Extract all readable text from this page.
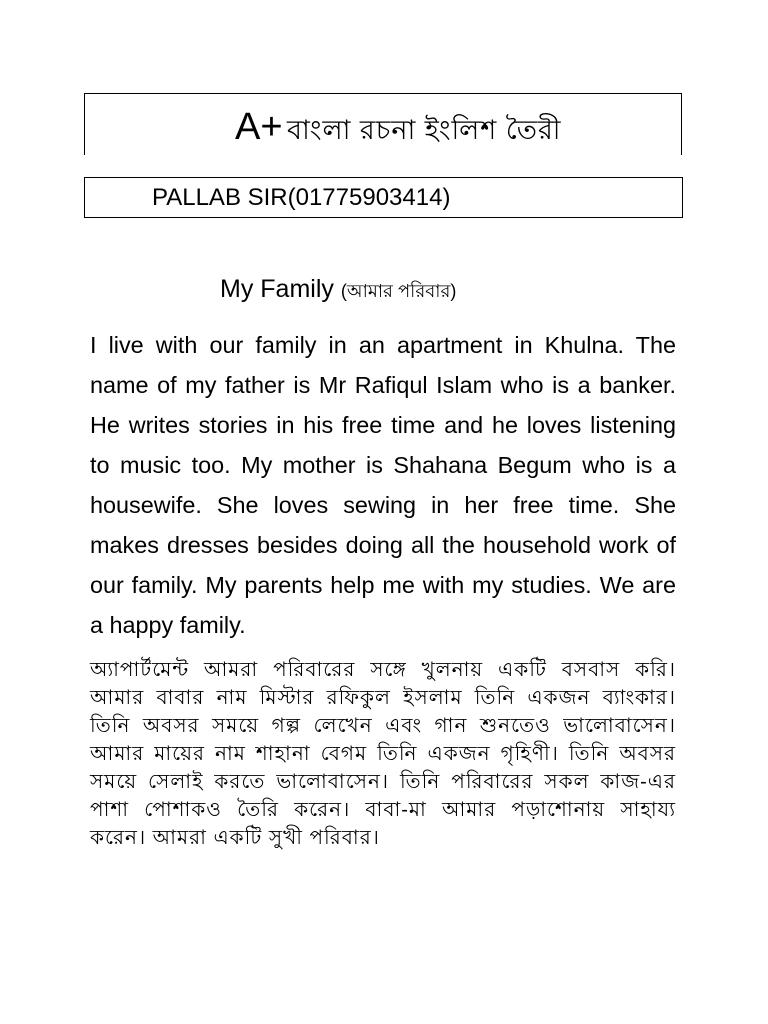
A+ বাংলা রচনা ইংলিশ তৈরী
PALLAB SIR(01775903414)
My Family (আমার পরিবার)

I live with our family in an apartment in Khulna. The name of my father is Mr Rafiqul Islam who is a banker. He writes stories in his free time and he loves listening to music too. My mother is Shahana Begum who is a housewife. She loves sewing in her free time. She makes dresses besides doing all the household work of our family. My parents help me with my studies. We are a happy family.

অ্যাপার্টমেন্ট আমরা পরিবারের সঙ্গে খুলনায় একটি বসবাস করি। আমার বাবার নাম মিস্টার রফিকুল ইসলাম তিনি একজন ব্যাংকার। তিনি অবসর সময়ে গল্প লেখেন এবং গান শুনতেও ভালোবাসেন। আমার মায়ের নাম শাহানা বেগম তিনি একজন গৃহিণী। তিনি অবসর সময়ে সেলাই করতে ভালোবাসেন। তিনি পরিবারের সকল কাজ-এর পাশা পোশাকও তৈরি করেন। বাবা-মা আমার পড়াশোনায় সাহায্য করেন। আমরা একটি সুখী পরিবার।
